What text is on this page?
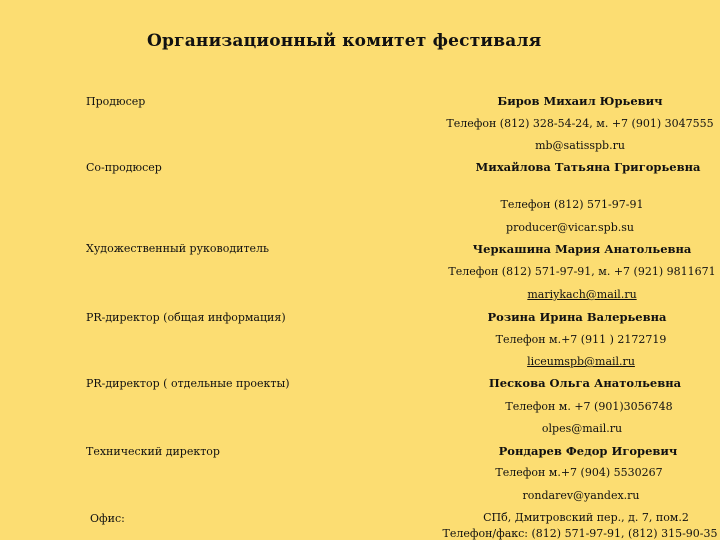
Организационный комитет фестиваля
Продюсер	Биров Михаил Юрьевич
Телефон (812) 328-54-24, м. +7 (901) 3047555
mb@satisspb.ru
Со-продюсер	Михайлова Татьяна Григорьевна
Телефон (812) 571-97-91
producer@vicar.spb.su
Художественный руководитель	Черкашина Мария Анатольевна
Телефон (812) 571-97-91, м. +7 (921) 9811671
mariykach@mail.ru
PR-директор (общая информация)	Розина Ирина Валерьевна
Телефон м.+7 (911 ) 2172719
liceumspb@mail.ru
PR-директор ( отдельные проекты)	Пескова Ольга Анатольевна
Телефон м. +7 (901)3056748
olpes@mail.ru
Технический директор	Рондарев Федор Игоревич
Телефон м.+7 (904) 5530267
rondarev@yandex.ru
Офис:	СПб, Дмитровский пер., д. 7, пом.2
Телефон/факс: (812) 571-97-91, (812) 315-90-35
